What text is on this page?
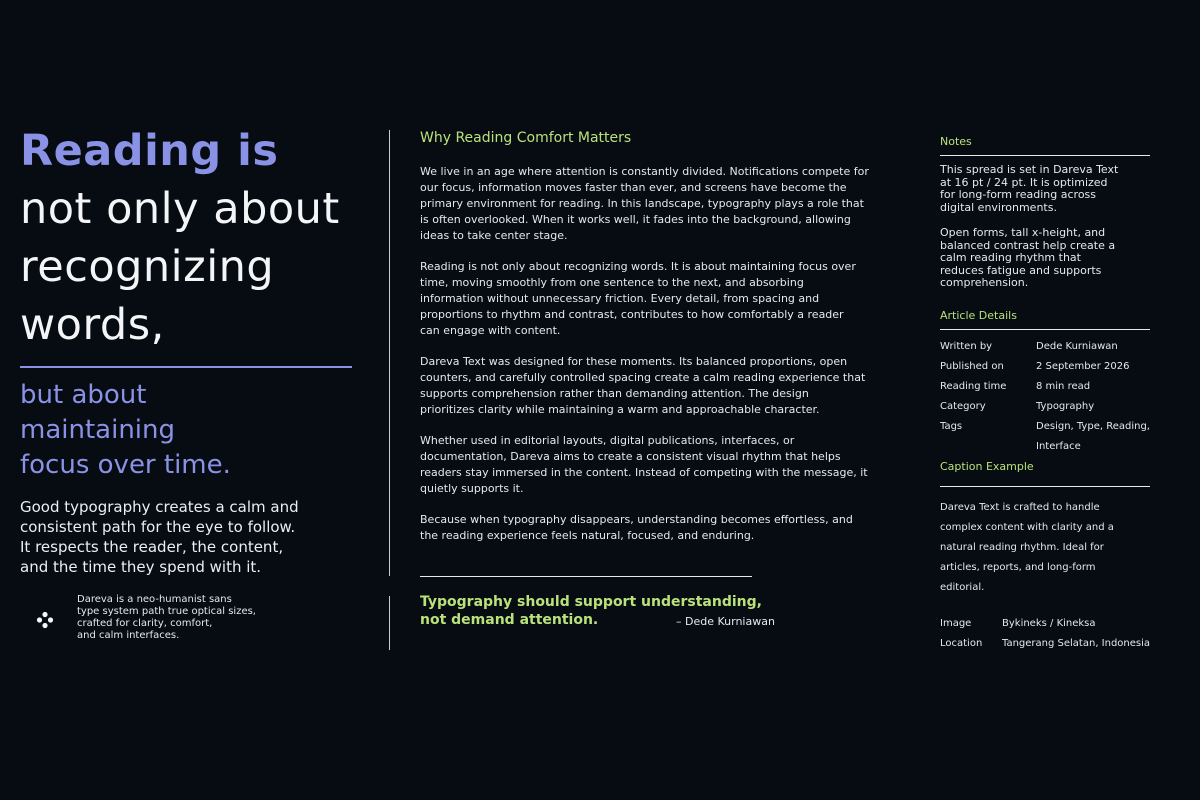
Reading is
not only about
recognizing
words,
but about
maintaining
focus over time.
Good typography creates a calm and
consistent path for the eye to follow.
It respects the reader, the content,
and the time they spend with it.
Dareva is a neo-humanist sans
type system path true optical sizes,
crafted for clarity, comfort,
and calm interfaces.
Why Reading Comfort Matters

We live in an age where attention is constantly divided. Notifications compete for
our focus, information moves faster than ever, and screens have become the
primary environment for reading. In this landscape, typography plays a role that
is often overlooked. When it works well, it fades into the background, allowing
ideas to take center stage.

Reading is not only about recognizing words. It is about maintaining focus over
time, moving smoothly from one sentence to the next, and absorbing
information without unnecessary friction. Every detail, from spacing and
proportions to rhythm and contrast, contributes to how comfortably a reader
can engage with content.

Dareva Text was designed for these moments. Its balanced proportions, open
counters, and carefully controlled spacing create a calm reading experience that
supports comprehension rather than demanding attention. The design
prioritizes clarity while maintaining a warm and approachable character.

Whether used in editorial layouts, digital publications, interfaces, or
documentation, Dareva aims to create a consistent visual rhythm that helps
readers stay immersed in the content. Instead of competing with the message, it
quietly supports it.

Because when typography disappears, understanding becomes effortless, and
the reading experience feels natural, focused, and enduring.

Typography should support understanding,
not demand attention.	– Dede Kurniawan
Notes

This spread is set in Dareva Text
at 16 pt / 24 pt. It is optimized
for long-form reading across
digital environments.

Open forms, tall x-height, and
balanced contrast help create a
calm reading rhythm that
reduces fatigue and supports
comprehension.

Article Details
Written by	Dede Kurniawan
Published on	2 September 2026
Reading time	8 min read
Category	Typography
Tags	Design, Type, Reading, Interface
Caption Example
Dareva Text is crafted to handle
complex content with clarity and a
natural reading rhythm. Ideal for
articles, reports, and long-form
editorial.
Image	Bykineks / Kineksa
Location	Tangerang Selatan, Indonesia
